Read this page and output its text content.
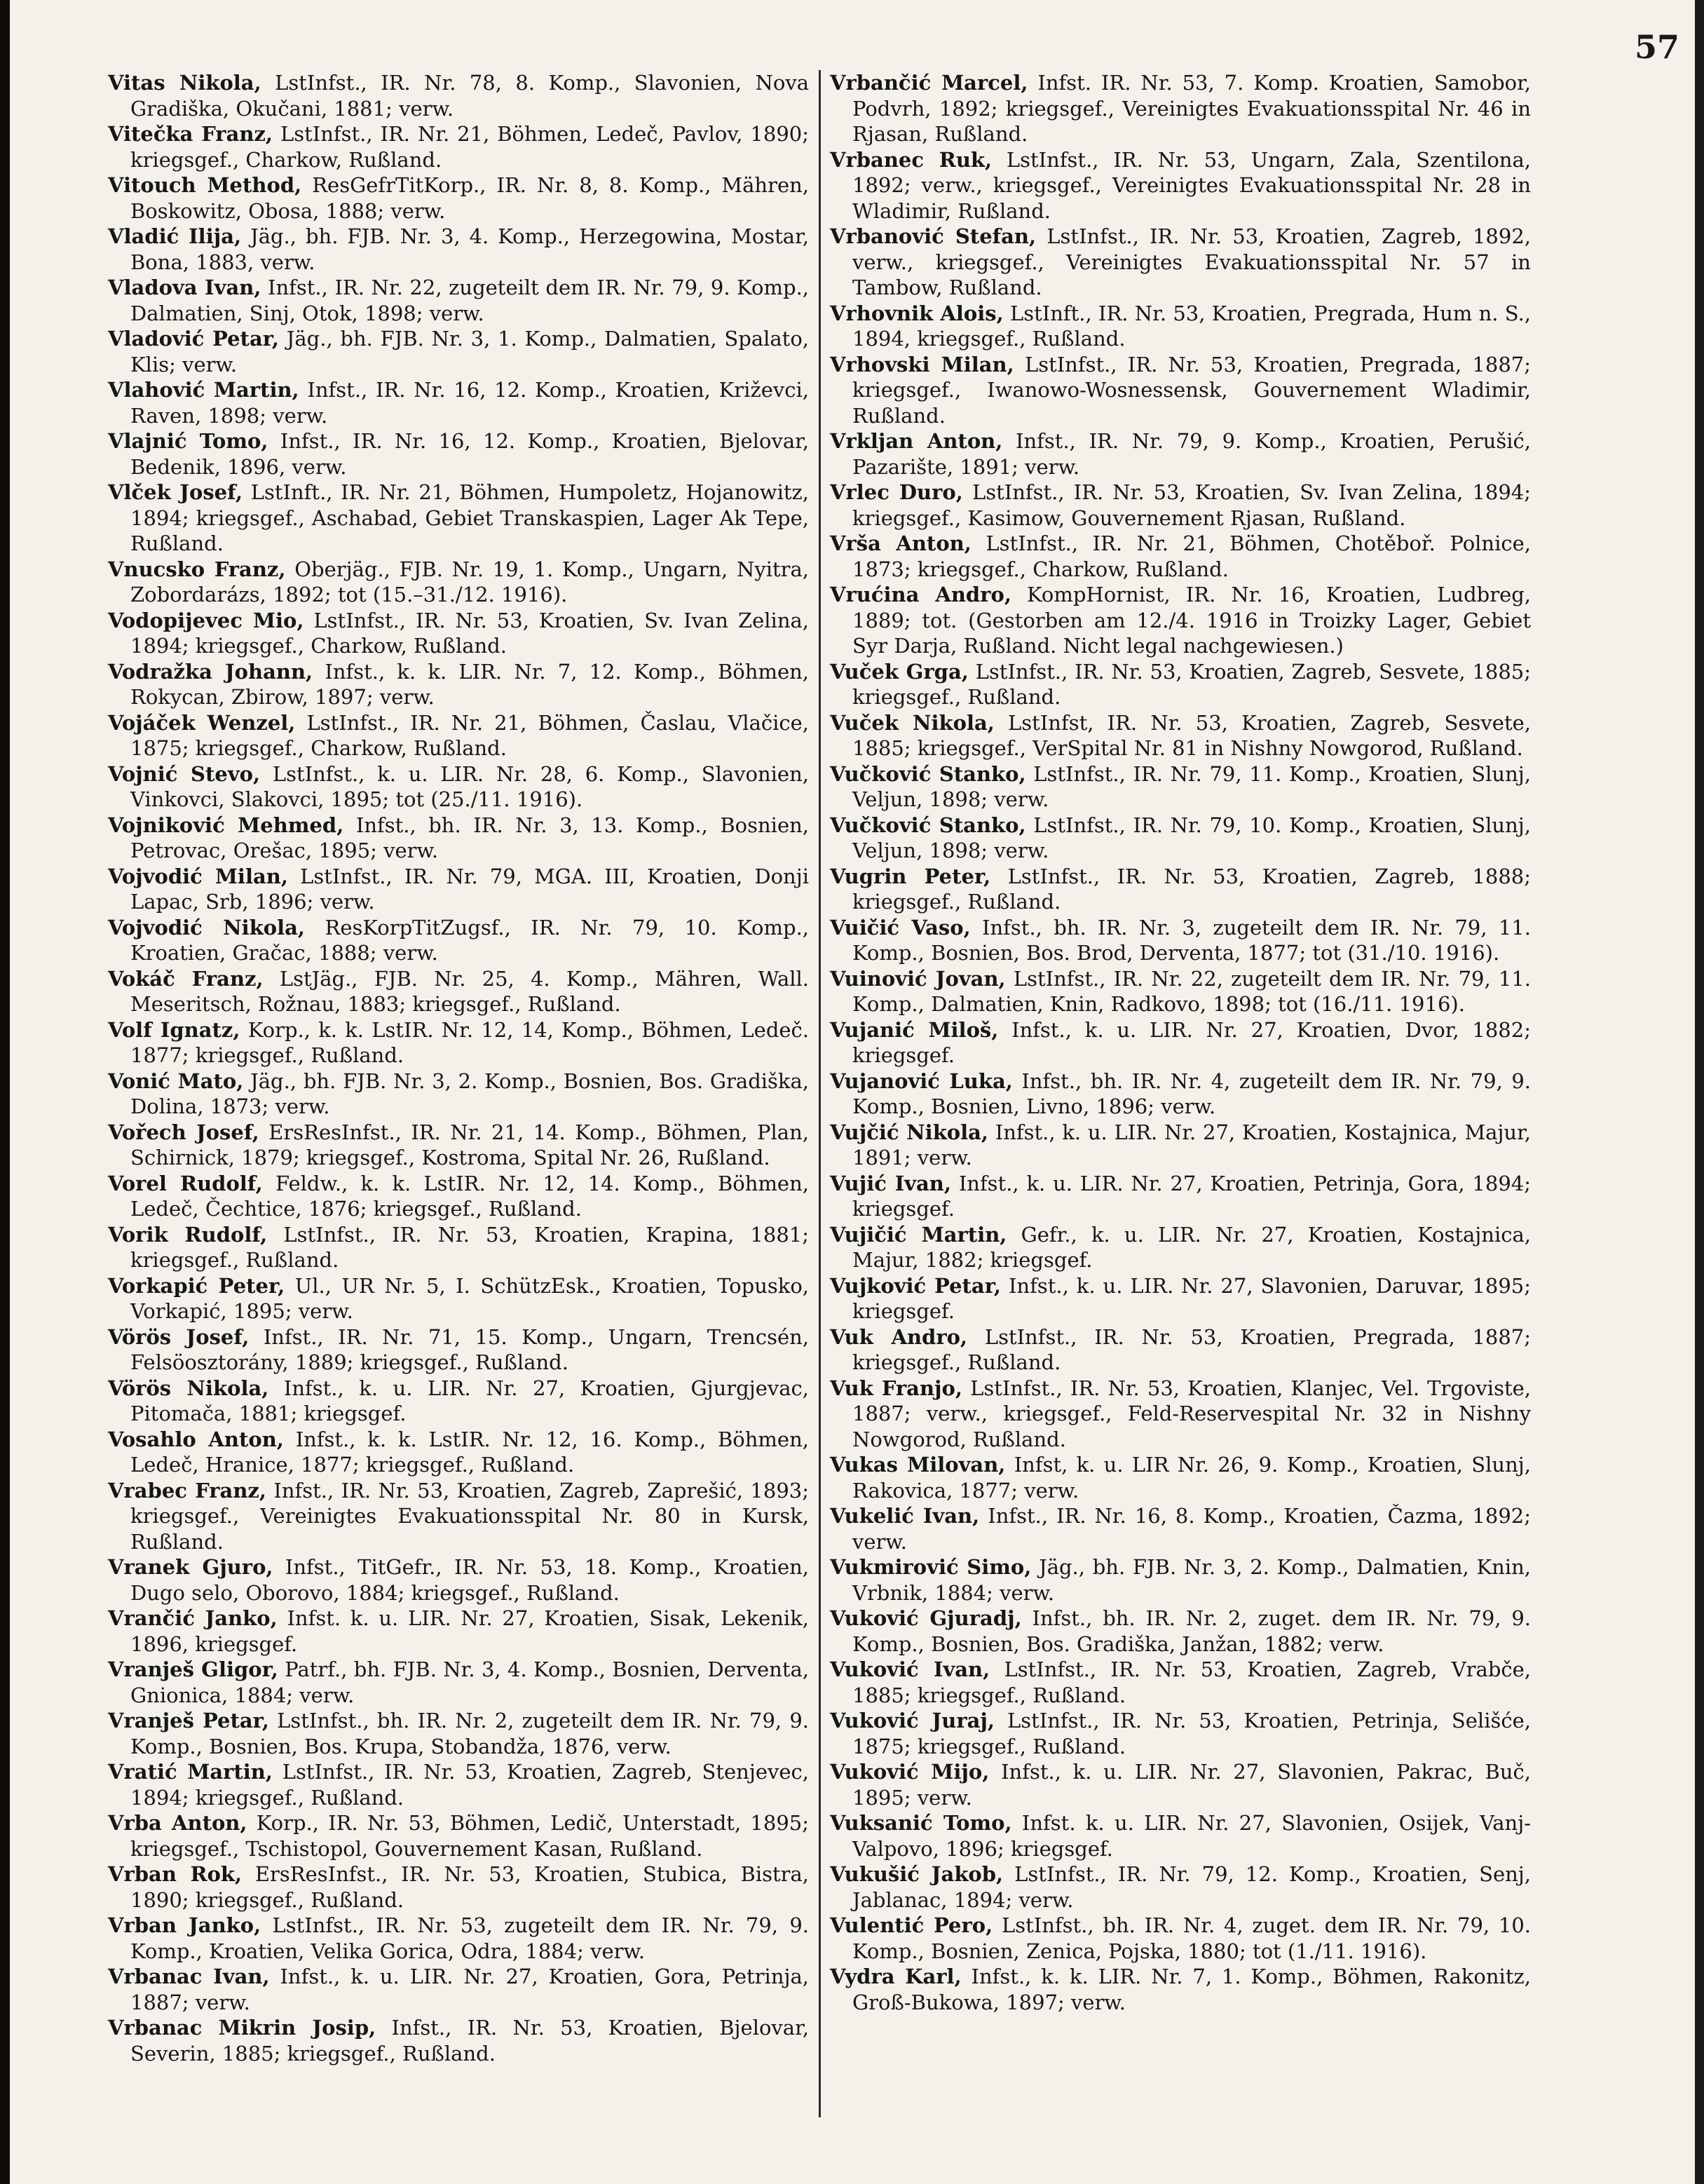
57

Vitas Nikola, LstInfst., IR. Nr. 78, 8. Komp., Slavonien, Nova Gradiška, Okučani, 1881; verw.

Vitečka Franz, LstInfst., IR. Nr. 21, Böhmen, Ledeč, Pavlov, 1890; kriegsgef., Charkow, Rußland.

Vitouch Method, ResGefrTitKorp., IR. Nr. 8, 8. Komp., Mähren, Boskowitz, Obosa, 1888; verw.

Vladić Ilija, Jäg., bh. FJB. Nr. 3, 4. Komp., Herzegowina, Mostar, Bona, 1883, verw.

Vladova Ivan, Infst., IR. Nr. 22, zugeteilt dem IR. Nr. 79, 9. Komp., Dalmatien, Sinj, Otok, 1898; verw.

Vladović Petar, Jäg., bh. FJB. Nr. 3, 1. Komp., Dalmatien, Spalato, Klis; verw.

Vlahović Martin, Infst., IR. Nr. 16, 12. Komp., Kroatien, Križevci, Raven, 1898; verw.

Vlajnić Tomo, Infst., IR. Nr. 16, 12. Komp., Kroatien, Bjelovar, Bedenik, 1896, verw.

Vlček Josef, LstInft., IR. Nr. 21, Böhmen, Humpoletz, Hojanowitz, 1894; kriegsgef., Aschabad, Gebiet Transkaspien, Lager Ak Tepe, Rußland.

Vnucsko Franz, Oberjäg., FJB. Nr. 19, 1. Komp., Ungarn, Nyitra, Zobordarázs, 1892; tot (15.–31./12. 1916).

Vodopijevec Mio, LstInfst., IR. Nr. 53, Kroatien, Sv. Ivan Zelina, 1894; kriegsgef., Charkow, Rußland.

Vodražka Johann, Infst., k. k. LIR. Nr. 7, 12. Komp., Böhmen, Rokycan, Zbirow, 1897; verw.

Vojáček Wenzel, LstInfst., IR. Nr. 21, Böhmen, Časlau, Vlačice, 1875; kriegsgef., Charkow, Rußland.

Vojnić Stevo, LstInfst., k. u. LIR. Nr. 28, 6. Komp., Slavonien, Vinkovci, Slakovci, 1895; tot (25./11. 1916).

Vojniković Mehmed, Infst., bh. IR. Nr. 3, 13. Komp., Bosnien, Petrovac, Orešac, 1895; verw.

Vojvodić Milan, LstInfst., IR. Nr. 79, MGA. III, Kroatien, Donji Lapac, Srb, 1896; verw.

Vojvodić Nikola, ResKorpTitZugsf., IR. Nr. 79, 10. Komp., Kroatien, Gračac, 1888; verw.

Vokáč Franz, LstJäg., FJB. Nr. 25, 4. Komp., Mähren, Wall. Meseritsch, Rožnau, 1883; kriegsgef., Rußland.

Volf Ignatz, Korp., k. k. LstIR. Nr. 12, 14, Komp., Böhmen, Ledeč. 1877; kriegsgef., Rußland.

Vonić Mato, Jäg., bh. FJB. Nr. 3, 2. Komp., Bosnien, Bos. Gradiška, Dolina, 1873; verw.

Vořech Josef, ErsResInfst., IR. Nr. 21, 14. Komp., Böhmen, Plan, Schirnick, 1879; kriegsgef., Kostroma, Spital Nr. 26, Rußland.

Vorel Rudolf, Feldw., k. k. LstIR. Nr. 12, 14. Komp., Böhmen, Ledeč, Čechtice, 1876; kriegsgef., Rußland.

Vorik Rudolf, LstInfst., IR. Nr. 53, Kroatien, Krapina, 1881; kriegsgef., Rußland.

Vorkapić Peter, Ul., UR Nr. 5, I. SchützEsk., Kroatien, Topusko, Vorkapić, 1895; verw.

Vörös Josef, Infst., IR. Nr. 71, 15. Komp., Ungarn, Trencsén, Felsöosztorány, 1889; kriegsgef., Rußland.

Vörös Nikola, Infst., k. u. LIR. Nr. 27, Kroatien, Gjurgjevac, Pitomača, 1881; kriegsgef.

Vosahlo Anton, Infst., k. k. LstIR. Nr. 12, 16. Komp., Böhmen, Ledeč, Hranice, 1877; kriegsgef., Rußland.

Vrabec Franz, Infst., IR. Nr. 53, Kroatien, Zagreb, Zaprešić, 1893; kriegsgef., Vereinigtes Evakuationsspital Nr. 80 in Kursk, Rußland.

Vranek Gjuro, Infst., TitGefr., IR. Nr. 53, 18. Komp., Kroatien, Dugo selo, Oborovo, 1884; kriegsgef., Rußland.

Vrančić Janko, Infst. k. u. LIR. Nr. 27, Kroatien, Sisak, Lekenik, 1896, kriegsgef.

Vranješ Gligor, Patrf., bh. FJB. Nr. 3, 4. Komp., Bosnien, Derventa, Gnionica, 1884; verw.

Vranješ Petar, LstInfst., bh. IR. Nr. 2, zugeteilt dem IR. Nr. 79, 9. Komp., Bosnien, Bos. Krupa, Stobandža, 1876, verw.

Vratić Martin, LstInfst., IR. Nr. 53, Kroatien, Zagreb, Stenjevec, 1894; kriegsgef., Rußland.

Vrba Anton, Korp., IR. Nr. 53, Böhmen, Ledič, Unterstadt, 1895; kriegsgef., Tschistopol, Gouvernement Kasan, Rußland.

Vrban Rok, ErsResInfst., IR. Nr. 53, Kroatien, Stubica, Bistra, 1890; kriegsgef., Rußland.

Vrban Janko, LstInfst., IR. Nr. 53, zugeteilt dem IR. Nr. 79, 9. Komp., Kroatien, Velika Gorica, Odra, 1884; verw.

Vrbanac Ivan, Infst., k. u. LIR. Nr. 27, Kroatien, Gora, Petrinja, 1887; verw.

Vrbanac Mikrin Josip, Infst., IR. Nr. 53, Kroatien, Bjelovar, Severin, 1885; kriegsgef., Rußland.

Vrbančić Marcel, Infst. IR. Nr. 53, 7. Komp. Kroatien, Samobor, Podvrh, 1892; kriegsgef., Vereinigtes Evakuationsspital Nr. 46 in Rjasan, Rußland.

Vrbanec Ruk, LstInfst., IR. Nr. 53, Ungarn, Zala, Szentilona, 1892; verw., kriegsgef., Vereinigtes Evakuationsspital Nr. 28 in Wladimir, Rußland.

Vrbanović Stefan, LstInfst., IR. Nr. 53, Kroatien, Zagreb, 1892, verw., kriegsgef., Vereinigtes Evakuationsspital Nr. 57 in Tambow, Rußland.

Vrhovnik Alois, LstInft., IR. Nr. 53, Kroatien, Pregrada, Hum n. S., 1894, kriegsgef., Rußland.

Vrhovski Milan, LstInfst., IR. Nr. 53, Kroatien, Pregrada, 1887; kriegsgef., Iwanowo-Wosnessensk, Gouvernement Wladimir, Rußland.

Vrkljan Anton, Infst., IR. Nr. 79, 9. Komp., Kroatien, Perušić, Pazarište, 1891; verw.

Vrlec Duro, LstInfst., IR. Nr. 53, Kroatien, Sv. Ivan Zelina, 1894; kriegsgef., Kasimow, Gouvernement Rjasan, Rußland.

Vrša Anton, LstInfst., IR. Nr. 21, Böhmen, Chotěboř. Polnice, 1873; kriegsgef., Charkow, Rußland.

Vrućina Andro, KompHornist, IR. Nr. 16, Kroatien, Ludbreg, 1889; tot. (Gestorben am 12./4. 1916 in Troizky Lager, Gebiet Syr Darja, Rußland. Nicht legal nachgewiesen.)

Vuček Grga, LstInfst., IR. Nr. 53, Kroatien, Zagreb, Sesvete, 1885; kriegsgef., Rußland.

Vuček Nikola, LstInfst, IR. Nr. 53, Kroatien, Zagreb, Sesvete, 1885; kriegsgef., VerSpital Nr. 81 in Nishny Nowgorod, Rußland.

Vučković Stanko, LstInfst., IR. Nr. 79, 11. Komp., Kroatien, Slunj, Veljun, 1898; verw.

Vučković Stanko, LstInfst., IR. Nr. 79, 10. Komp., Kroatien, Slunj, Veljun, 1898; verw.

Vugrin Peter, LstInfst., IR. Nr. 53, Kroatien, Zagreb, 1888; kriegsgef., Rußland.

Vuičić Vaso, Infst., bh. IR. Nr. 3, zugeteilt dem IR. Nr. 79, 11. Komp., Bosnien, Bos. Brod, Derventa, 1877; tot (31./10. 1916).

Vuinović Jovan, LstInfst., IR. Nr. 22, zugeteilt dem IR. Nr. 79, 11. Komp., Dalmatien, Knin, Radkovo, 1898; tot (16./11. 1916).

Vujanić Miloš, Infst., k. u. LIR. Nr. 27, Kroatien, Dvor, 1882; kriegsgef.

Vujanović Luka, Infst., bh. IR. Nr. 4, zugeteilt dem IR. Nr. 79, 9. Komp., Bosnien, Livno, 1896; verw.

Vujčić Nikola, Infst., k. u. LIR. Nr. 27, Kroatien, Kostajnica, Majur, 1891; verw.

Vujić Ivan, Infst., k. u. LIR. Nr. 27, Kroatien, Petrinja, Gora, 1894; kriegsgef.

Vujičić Martin, Gefr., k. u. LIR. Nr. 27, Kroatien, Kostajnica, Majur, 1882; kriegsgef.

Vujković Petar, Infst., k. u. LIR. Nr. 27, Slavonien, Daruvar, 1895; kriegsgef.

Vuk Andro, LstInfst., IR. Nr. 53, Kroatien, Pregrada, 1887; kriegsgef., Rußland.

Vuk Franjo, LstInfst., IR. Nr. 53, Kroatien, Klanjec, Vel. Trgoviste, 1887; verw., kriegsgef., Feld-Reservespital Nr. 32 in Nishny Nowgorod, Rußland.

Vukas Milovan, Infst, k. u. LIR Nr. 26, 9. Komp., Kroatien, Slunj, Rakovica, 1877; verw.

Vukelić Ivan, Infst., IR. Nr. 16, 8. Komp., Kroatien, Čazma, 1892; verw.

Vukmirović Simo, Jäg., bh. FJB. Nr. 3, 2. Komp., Dalmatien, Knin, Vrbnik, 1884; verw.

Vuković Gjuradj, Infst., bh. IR. Nr. 2, zuget. dem IR. Nr. 79, 9. Komp., Bosnien, Bos. Gradiška, Janžan, 1882; verw.

Vuković Ivan, LstInfst., IR. Nr. 53, Kroatien, Zagreb, Vrabče, 1885; kriegsgef., Rußland.

Vuković Juraj, LstInfst., IR. Nr. 53, Kroatien, Petrinja, Selišće, 1875; kriegsgef., Rußland.

Vuković Mijo, Infst., k. u. LIR. Nr. 27, Slavonien, Pakrac, Buč, 1895; verw.

Vuksanić Tomo, Infst. k. u. LIR. Nr. 27, Slavonien, Osijek, Vanj-Valpovo, 1896; kriegsgef.

Vukušić Jakob, LstInfst., IR. Nr. 79, 12. Komp., Kroatien, Senj, Jablanac, 1894; verw.

Vulentić Pero, LstInfst., bh. IR. Nr. 4, zuget. dem IR. Nr. 79, 10. Komp., Bosnien, Zenica, Pojska, 1880; tot (1./11. 1916).

Vydra Karl, Infst., k. k. LIR. Nr. 7, 1. Komp., Böhmen, Rakonitz, Groß-Bukowa, 1897; verw.
